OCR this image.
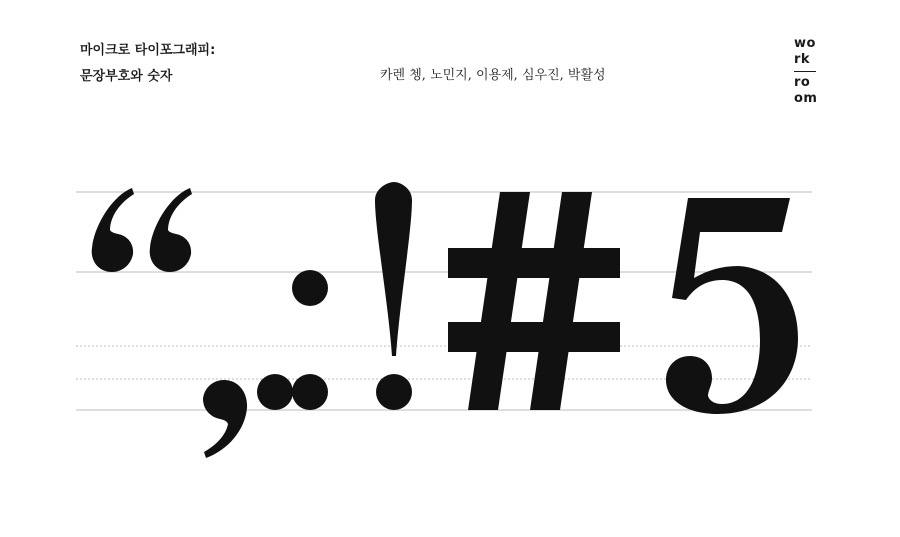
마이크로 타이포그래피:
문장부호와 숫자	카렌 쳉, 노민지, 이용제, 심우진, 박활성
wo
rk
ro
om
